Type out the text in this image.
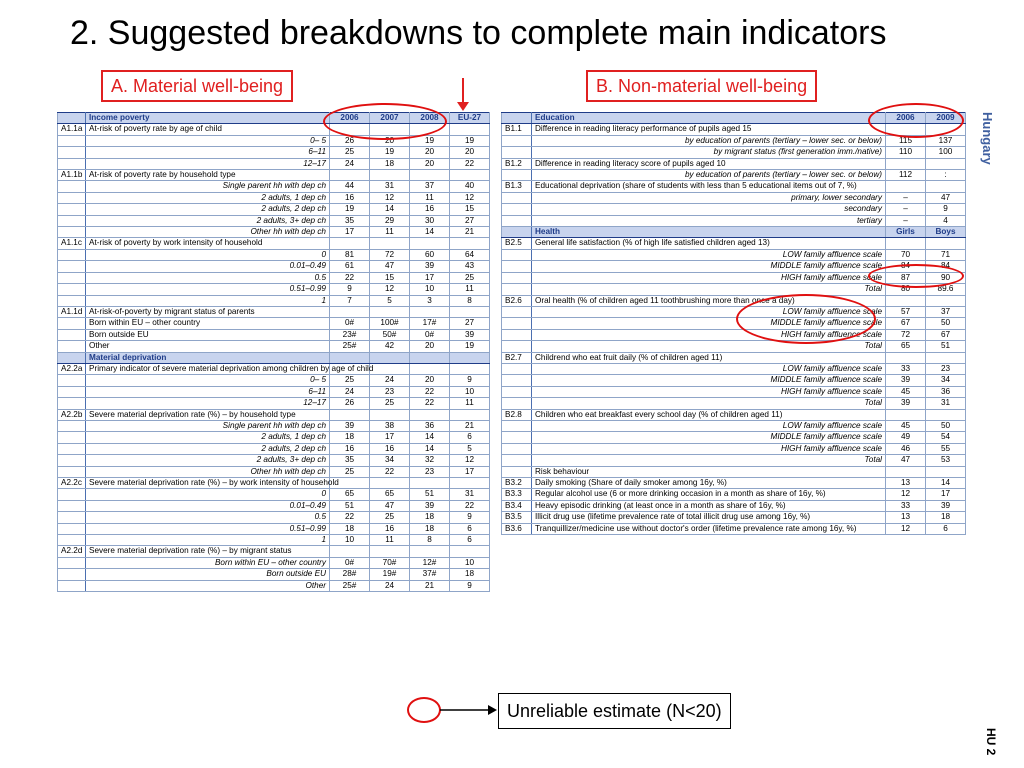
2. Suggested breakdowns to complete main indicators
A. Material well-being	B. Non-material well-being
Hungary
HU 2
	Income poverty	2006	2007	2008	EU-27
A1.1a	At-risk of poverty rate by age of child				
	0– 5	26	20	19	19
	6–11	25	19	20	20
	12–17	24	18	20	22
A1.1b	At-risk of poverty rate by household type				
	Single parent hh with dep ch	44	31	37	40
	2 adults, 1 dep ch	16	12	11	12
	2 adults, 2 dep ch	19	14	16	15
	2 adults, 3+ dep ch	35	29	30	27
	Other hh with dep ch	17	11	14	21
A1.1c	At-risk of poverty by work intensity of household				
	0	81	72	60	64
	0.01–0.49	61	47	39	43
	0.5	22	15	17	25
	0.51–0.99	9	12	10	11
	1	7	5	3	8
A1.1d	At-risk-of-poverty by migrant status of parents				
	Born within EU – other country	0#	100#	17#	27
	Born outside EU	23#	50#	0#	39
	Other	25#	42	20	19
	Material deprivation				
A2.2a	Primary indicator of severe material deprivation among children by age of child				
	0– 5	25	24	20	9
	6–11	24	23	22	10
	12–17	26	25	22	11
A2.2b	Severe material deprivation rate (%) – by household type				
	Single parent hh with dep ch	39	38	36	21
	2 adults, 1 dep ch	18	17	14	6
	2 adults, 2 dep ch	16	16	14	5
	2 adults, 3+ dep ch	35	34	32	12
	Other hh with dep ch	25	22	23	17
A2.2c	Severe material deprivation rate (%) – by work intensity of household				
	0	65	65	51	31
	0.01–0.49	51	47	39	22
	0.5	22	25	18	9
	0.51–0.99	18	16	18	6
	1	10	11	8	6
A2.2d	Severe material deprivation rate (%) – by migrant status				
	Born within EU – other country	0#	70#	12#	10
	Born outside EU	28#	19#	37#	18
	Other	25#	24	21	9
	Education	2006	2009
B1.1	Difference in reading literacy performance of pupils aged 15		
	by education of parents (tertiary – lower sec. or below)	115	137
	by migrant status (first generation imm./native)	110	100
B1.2	Difference in reading literacy score of pupils aged 10		
	by education of parents (tertiary – lower sec. or below)	112	:
B1.3	Educational deprivation (share of students with less than 5 educational items out of 7, %)		
	primary, lower secondary	–	47
	secondary	–	9
	tertiary	–	4
	Health	Girls	Boys
B2.5	General life satisfaction (% of high life satisfied children aged 13)		
	LOW family affluence scale	70	71
	MIDDLE family affluence scale	84	84
	HIGH family affluence scale	87	90
	Total	80	89.6
B2.6	Oral health (% of children aged 11 toothbrushing more than once a day)		
	LOW family affluence scale	57	37
	MIDDLE family affluence scale	67	50
	HIGH family affluence scale	72	67
	Total	65	51
B2.7	Childrend who eat fruit daily (% of children aged 11)		
	LOW family affluence scale	33	23
	MIDDLE family affluence scale	39	34
	HIGH family affluence scale	45	36
	Total	39	31
B2.8	Children who eat breakfast every school day (% of children aged 11)		
	LOW family affluence scale	45	50
	MIDDLE family affluence scale	49	54
	HIGH family affluence scale	46	55
	Total	47	53
	Risk behaviour		
B3.2	Daily smoking (Share of daily smoker among 16y, %)	13	14
B3.3	Regular alcohol use (6 or more drinking occasion in a month as share of 16y, %)	12	17
B3.4	Heavy episodic drinking (at least once in a month as share of 16y, %)	33	39
B3.5	Illicit drug use (lifetime prevalence rate of total illicit drug use among 16y, %)	13	18
B3.6	Tranquillizer/medicine use without doctor's order (lifetime prevalence rate among 16y, %)	12	6
Unreliable estimate (N<20)
